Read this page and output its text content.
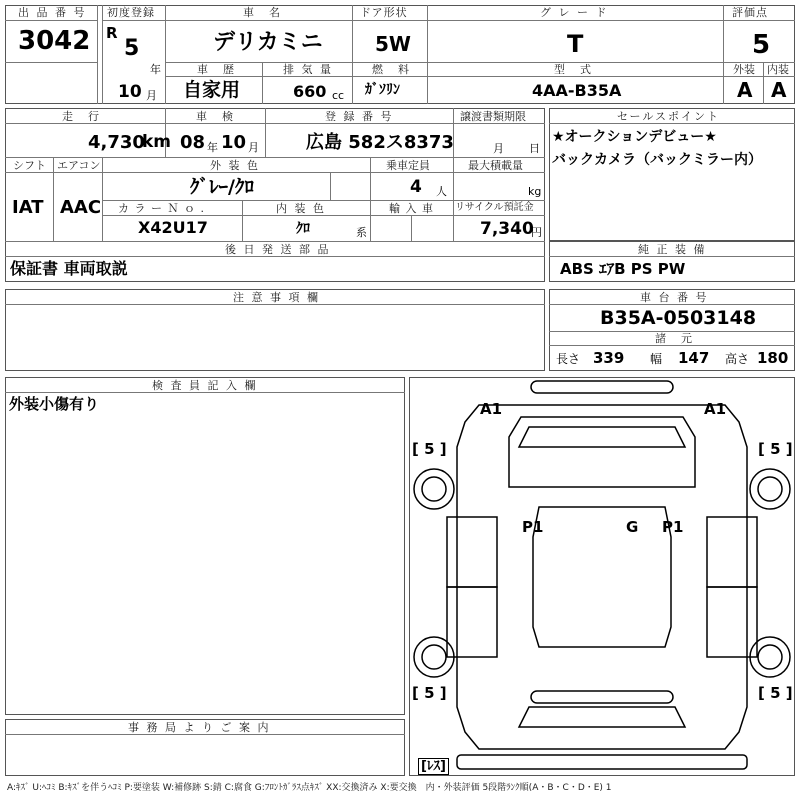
出 品 番 号
3042
初度登録
R
5
年
10 月
車　名
デリカミニ
ドア形状
5W
グ レ ー ド
T
評価点
5
車　歴
自家用
排 気 量
660 cc
燃　料
ｶﾞｿﾘﾝ
型　式
4AA-B35A
外装 内装
A A
走　行
4,730
km
車　検
08 年 10 月
登 録 番 号
広島 582ス8373
譲渡書類期限
月 日
シフト
IAT
エアコン
AAC
外 装 色
ｸﾞﾚｰ/ｸﾛ
乗車定員
4 人
最大積載量
kg
カ ラ ー Ｎ ｏ .
X42U17
内 装 色
ｸﾛ	系
輸 入 車 リサイクル預託金
7,340
円
後 日 発 送 部 品
保証書 車両取説
セールスポイント
★オークションデビュー★
バックカメラ（バックミラー内）
純 正 装 備
ABS ｴｱB PS PW
注 意 事 項 欄	車 台 番 号
B35A-0503148
諸　元
長さ 339 幅 147 高さ 180
検 査 員 記 入 欄
外装小傷有り
事 務 局 よ り ご 案 内
A1	A1
[ 5 ]	[ 5 ]
P1	G P1
[ 5 ]	[ 5 ]
[ﾚｽ]
A:ｷｽﾞ U:ﾍｺﾐ B:ｷｽﾞを伴うﾍｺﾐ P:要塗装 W:補修跡 S:錆 C:腐食 G:ﾌﾛﾝﾄｶﾞﾗｽ点ｷｽﾞ XX:交換済み X:要交換　内・外装評価 5段階ﾗﾝｸ順(A・B・C・D・E) 1
